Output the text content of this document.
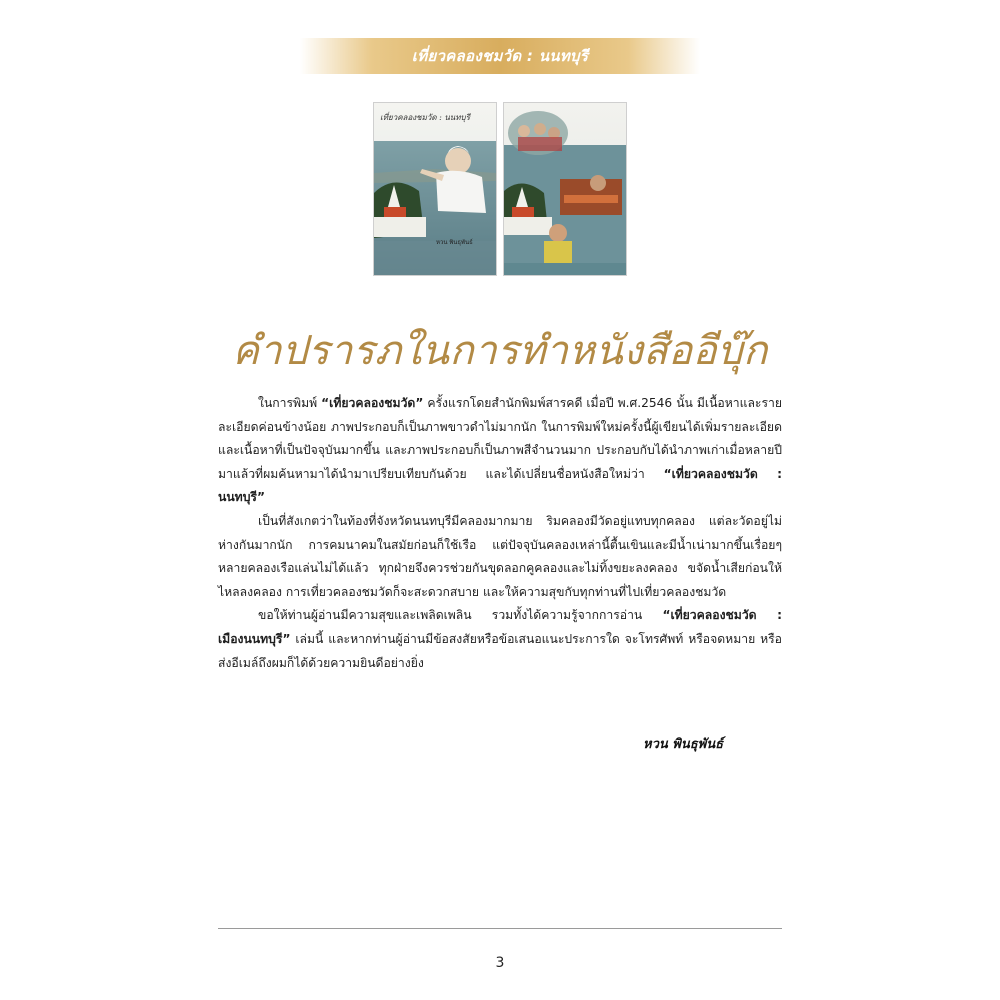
เที่ยวคลองชมวัด : นนทบุรี
เที่ยวคลองชมวัด : นนทบุรี
หวน พินธุพันธ์
คำปรารภในการทำหนังสืออีบุ๊ก

ในการพิมพ์ “เที่ยวคลองชมวัด” ครั้งแรกโดยสำนักพิมพ์สารคดี เมื่อปี พ.ศ.2546 นั้น มีเนื้อหาและรายละเอียดค่อนข้างน้อย ภาพประกอบก็เป็นภาพขาวดำไม่มากนัก ในการพิมพ์ใหม่ครั้งนี้ผู้เขียนได้เพิ่มรายละเอียดและเนื้อหาที่เป็นปัจจุบันมากขึ้น และภาพประกอบก็เป็นภาพสีจำนวนมาก ประกอบกับได้นำภาพเก่าเมื่อหลายปีมาแล้วที่ผมค้นหามาได้นำมาเปรียบเทียบกันด้วย และได้เปลี่ยนชื่อหนังสือใหม่ว่า “เที่ยวคลองชมวัด : นนทบุรี”

เป็นที่สังเกตว่าในท้องที่จังหวัดนนทบุรีมีคลองมากมาย ริมคลองมีวัดอยู่แทบทุกคลอง แต่ละวัดอยู่ไม่ห่างกันมากนัก การคมนาคมในสมัยก่อนก็ใช้เรือ แต่ปัจจุบันคลองเหล่านี้ตื้นเขินและมีน้ำเน่ามากขึ้นเรื่อยๆ หลายคลองเรือแล่นไม่ได้แล้ว ทุกฝ่ายจึงควรช่วยกันขุดลอกคูคลองและไม่ทิ้งขยะลงคลอง ขจัดน้ำเสียก่อนให้ไหลลงคลอง การเที่ยวคลองชมวัดก็จะสะดวกสบาย และให้ความสุขกับทุกท่านที่ไปเที่ยวคลองชมวัด

ขอให้ท่านผู้อ่านมีความสุขและเพลิดเพลิน รวมทั้งได้ความรู้จากการอ่าน “เที่ยวคลองชมวัด : เมืองนนทบุรี” เล่มนี้ และหากท่านผู้อ่านมีข้อสงสัยหรือข้อเสนอแนะประการใด จะโทรศัพท์ หรือจดหมาย หรือส่งอีเมล์ถึงผมก็ได้ด้วยความยินดีอย่างยิ่ง

หวน พินธุพันธ์
3
